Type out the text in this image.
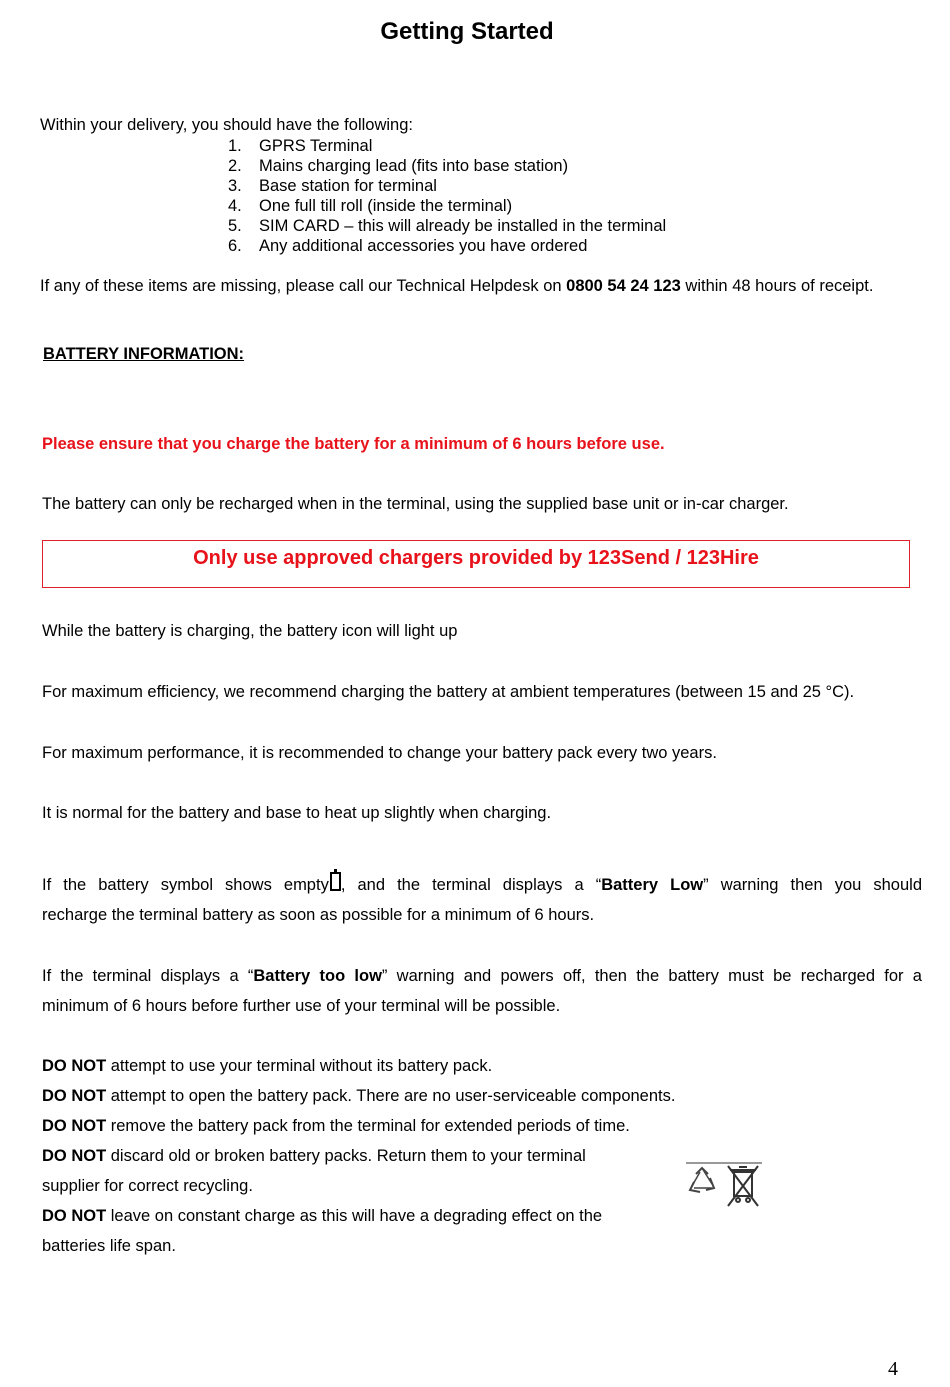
Getting Started
Within your delivery, you should have the following:
1.	GPRS Terminal
2.	Mains charging lead (fits into base station)
3.	Base station for terminal
4.	One full till roll (inside the terminal)
5.	SIM CARD – this will already be installed in the terminal
6.	Any additional accessories you have ordered
If any of these items are missing, please call our Technical Helpdesk on 0800 54 24 123 within 48 hours of receipt.
BATTERY INFORMATION:
Please ensure that you charge the battery for a minimum of 6 hours before use.
The battery can only be recharged when in the terminal, using the supplied base unit or in-car charger.
Only use approved chargers provided by 123Send / 123Hire
While the battery is charging, the battery icon will light up
For maximum efficiency, we recommend charging the battery at ambient temperatures (between 15 and 25 °C).
For maximum performance, it is recommended to change your battery pack every two years.
It is normal for the battery and base to heat up slightly when charging.
If the battery symbol shows empty , and the terminal displays a “Battery Low” warning then you should
recharge the terminal battery as soon as possible for a minimum of 6 hours.
If the terminal displays a “Battery too low” warning and powers off, then the battery must be recharged for a
minimum of 6 hours before further use of your terminal will be possible.
DO NOT attempt to use your terminal without its battery pack.
DO NOT attempt to open the battery pack. There are no user-serviceable components.
DO NOT remove the battery pack from the terminal for extended periods of time.
DO NOT discard old or broken battery packs. Return them to your terminal supplier for correct recycling.
DO NOT leave on constant charge as this will have a degrading effect on the batteries life span.
4
